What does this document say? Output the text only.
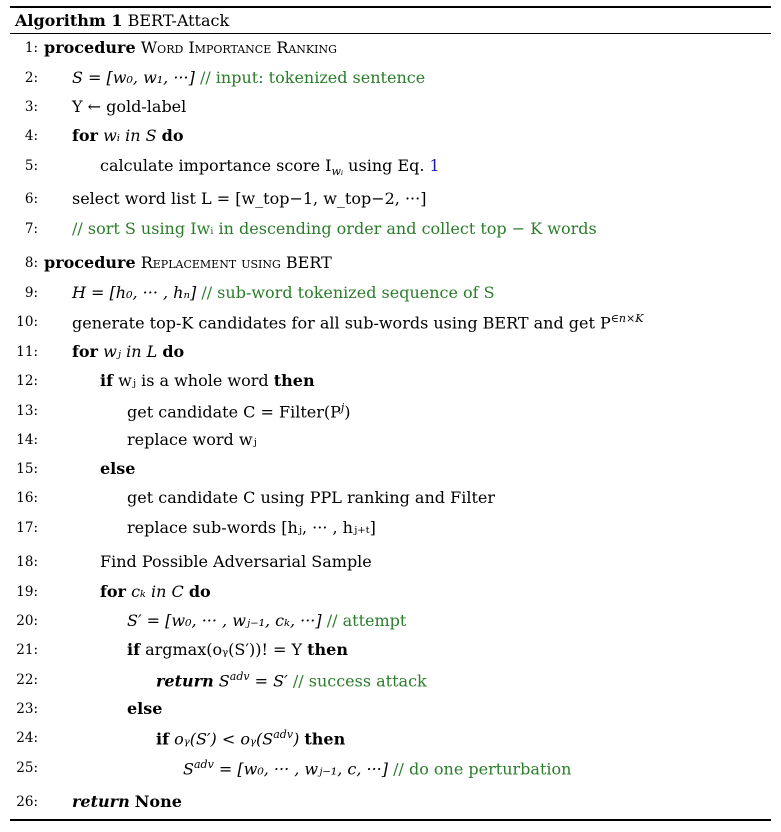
Algorithm 1 BERT-Attack
1: procedure Word Importance Ranking
2: S = [w₀, w₁, ···] // input: tokenized sentence
3: Y ← gold-label
4: for wᵢ in S do
5:	calculate importance score $I_{wᵢ}$ using Eq. 1
6: select word list L = [w_top−1, w_top−2, ···]
7: // sort S using Iwᵢ in descending order and collect top − K words
8: procedure Replacement using BERT
9: H = [h₀, ··· , hₙ] // sub-word tokenized sequence of S
10: generate top-K candidates for all sub-words using BERT and get $P^{\in n\times K}$
11: for wⱼ in L do
12:	if wⱼ is a whole word then
13:	get candidate $C = Filter(P^j)$
14:	replace word wⱼ
15:	else
16:	get candidate C using PPL ranking and Filter
17:	replace sub-words [hⱼ, ··· , hⱼ₊ₜ]
18:	Find Possible Adversarial Sample
19:	for cₖ in C do
20:	S′ = [w₀, ··· , wⱼ₋₁, cₖ, ···] // attempt
21:	if argmax(oᵧ(S′))! = Y then
22:	return $S^{adv} = S'$ // success attack
23:	else
24:	if oᵧ(S′) < $oᵧ(S^{adv})$ then
25:	$S^{adv} = [w_0$, ··· , wⱼ₋₁, c, ···] // do one perturbation
26: return None
